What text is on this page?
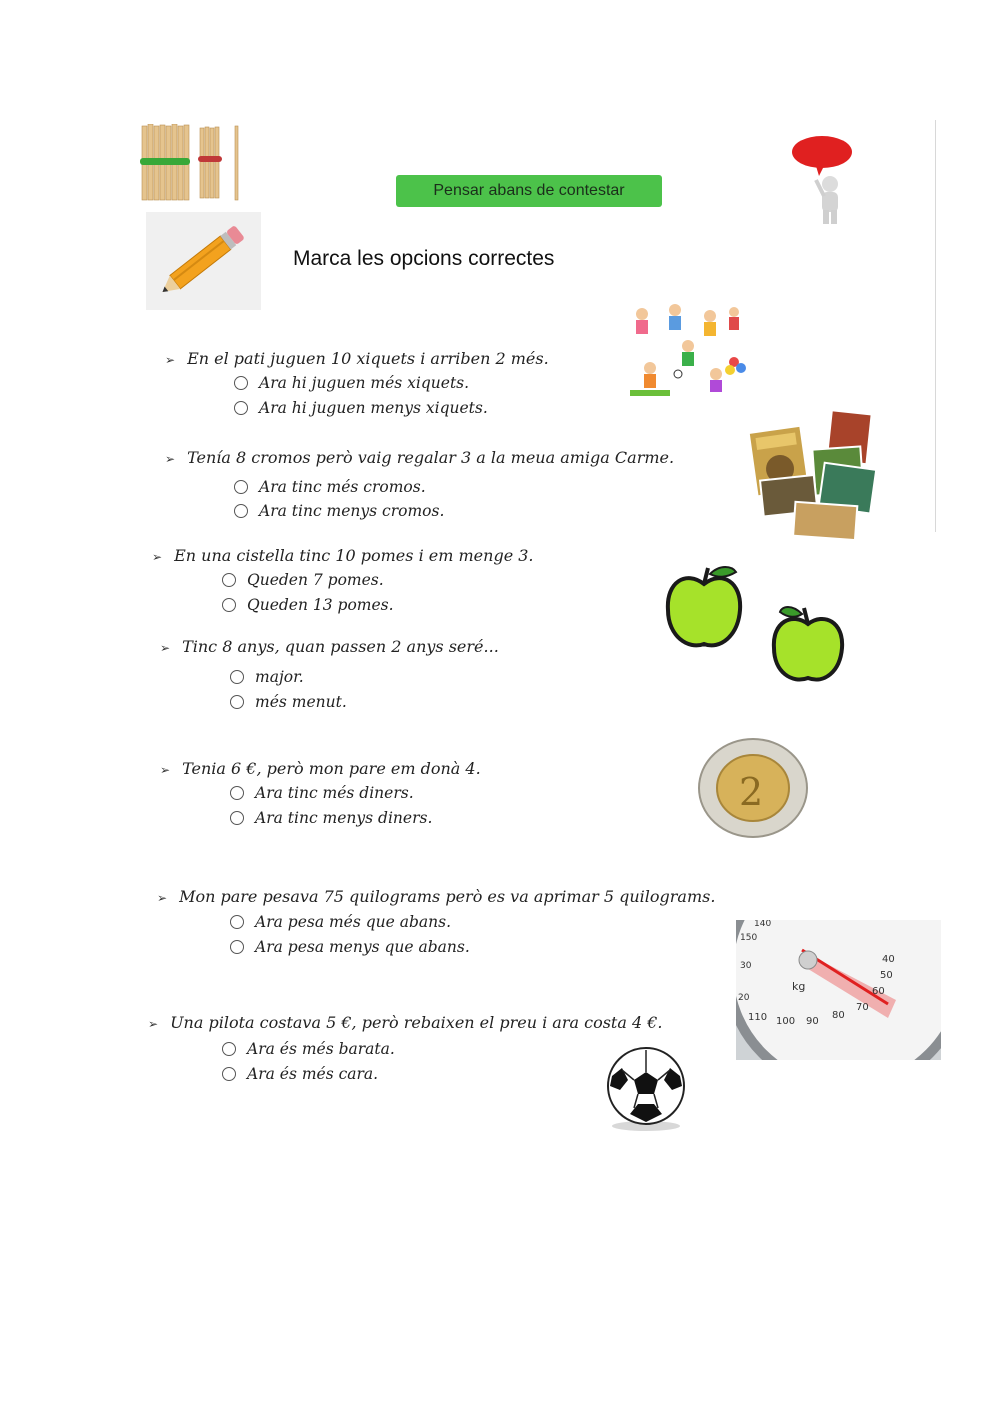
Pensar abans de contestar
Marca les opcions correctes
2
kg
110 100 90
80
70
60
50
40
30
20
150
140
➢ En el pati juguen 10 xiquets i arriben 2 més.
Ara hi juguen més xiquets.
Ara hi juguen menys xiquets.
➢ Tenía 8 cromos però vaig regalar 3 a la meua amiga Carme.
Ara tinc més cromos.
Ara tinc menys cromos.
➢ En una cistella tinc 10 pomes i em menge 3.
Queden 7 pomes.
Queden 13 pomes.
➢ Tinc 8 anys, quan passen 2 anys seré...
major.
més menut.
➢ Tenia 6 €, però mon pare em donà 4.
Ara tinc més diners.
Ara tinc menys diners.
➢ Mon pare pesava 75 quilograms però es va aprimar 5 quilograms.
Ara pesa més que abans.
Ara pesa menys que abans.
➢ Una pilota costava 5 €, però rebaixen el preu i ara costa 4 €.
Ara és més barata.
Ara és més cara.
